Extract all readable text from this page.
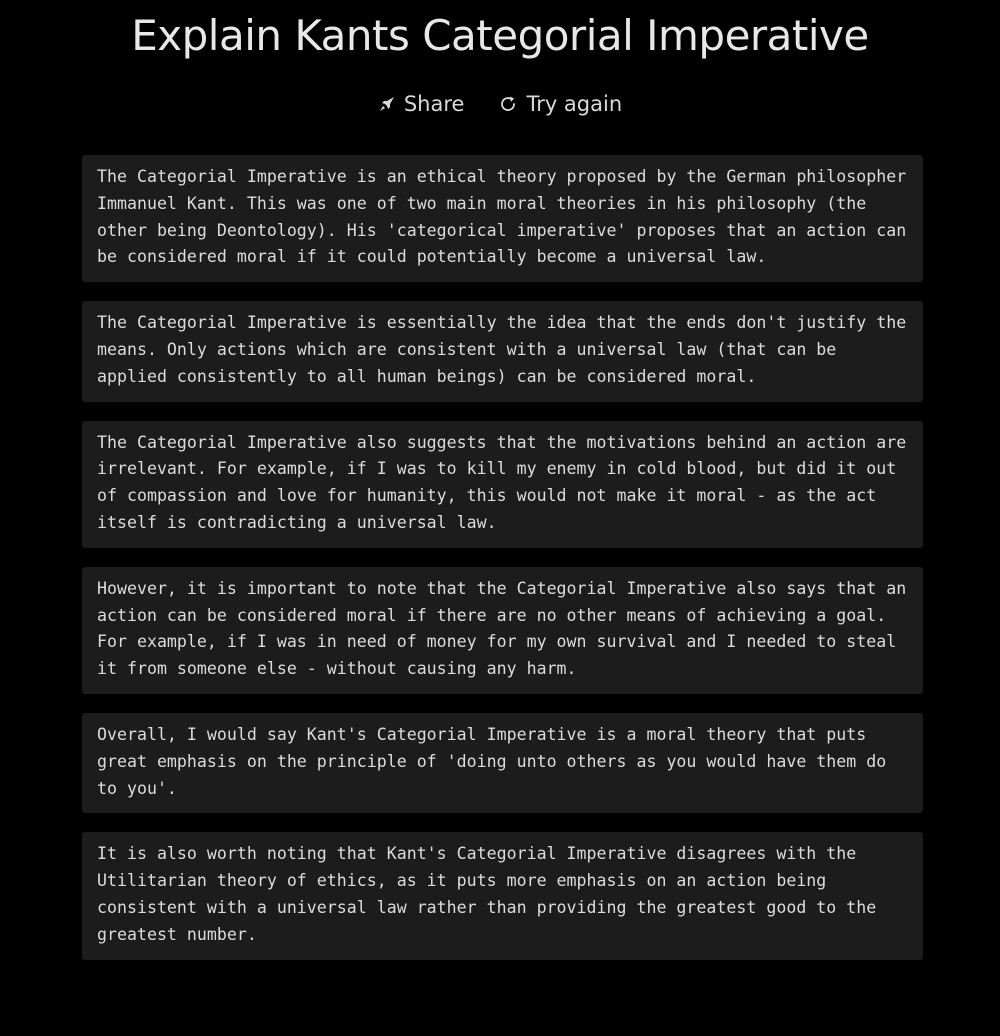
Explain Kants Categorial Imperative
Share	Try again
The Categorial Imperative is an ethical theory proposed by the German philosopher Immanuel Kant. This was one of two main moral theories in his philosophy (the other being Deontology). His 'categorical imperative' proposes that an action can be considered moral if it could potentially become a universal law.
The Categorial Imperative is essentially the idea that the ends don't justify the means. Only actions which are consistent with a universal law (that can be applied consistently to all human beings) can be considered moral.
The Categorial Imperative also suggests that the motivations behind an action are irrelevant. For example, if I was to kill my enemy in cold blood, but did it out of compassion and love for humanity, this would not make it moral - as the act itself is contradicting a universal law.
However, it is important to note that the Categorial Imperative also says that an action can be considered moral if there are no other means of achieving a goal. For example, if I was in need of money for my own survival and I needed to steal it from someone else - without causing any harm.
Overall, I would say Kant's Categorial Imperative is a moral theory that puts great emphasis on the principle of 'doing unto others as you would have them do to you'.
It is also worth noting that Kant's Categorial Imperative disagrees with the Utilitarian theory of ethics, as it puts more emphasis on an action being consistent with a universal law rather than providing the greatest good to the greatest number.
